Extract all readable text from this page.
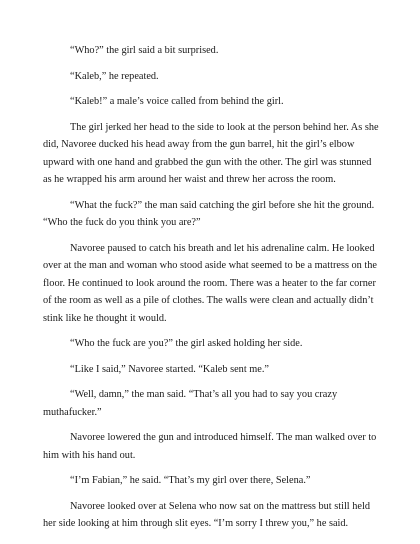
“Who?” the girl said a bit surprised.

“Kaleb,” he repeated.

“Kaleb!” a male’s voice called from behind the girl.

The girl jerked her head to the side to look at the person behind her. As she did, Navoree ducked his head away from the gun barrel, hit the girl’s elbow upward with one hand and grabbed the gun with the other. The girl was stunned as he wrapped his arm around her waist and threw her across the room.

“What the fuck?” the man said catching the girl before she hit the ground. “Who the fuck do you think you are?”

Navoree paused to catch his breath and let his adrenaline calm. He looked over at the man and woman who stood aside what seemed to be a mattress on the floor. He continued to look around the room. There was a heater to the far corner of the room as well as a pile of clothes. The walls were clean and actually didn’t stink like he thought it would.

“Who the fuck are you?” the girl asked holding her side.

“Like I said,” Navoree started. “Kaleb sent me.”

“Well, damn,” the man said. “That’s all you had to say you crazy muthafucker.”

Navoree lowered the gun and introduced himself. The man walked over to him with his hand out.

“I’m Fabian,” he said. “That’s my girl over there, Selena.”

Navoree looked over at Selena who now sat on the mattress but still held her side looking at him through slit eyes. “I’m sorry I threw you,” he said.
